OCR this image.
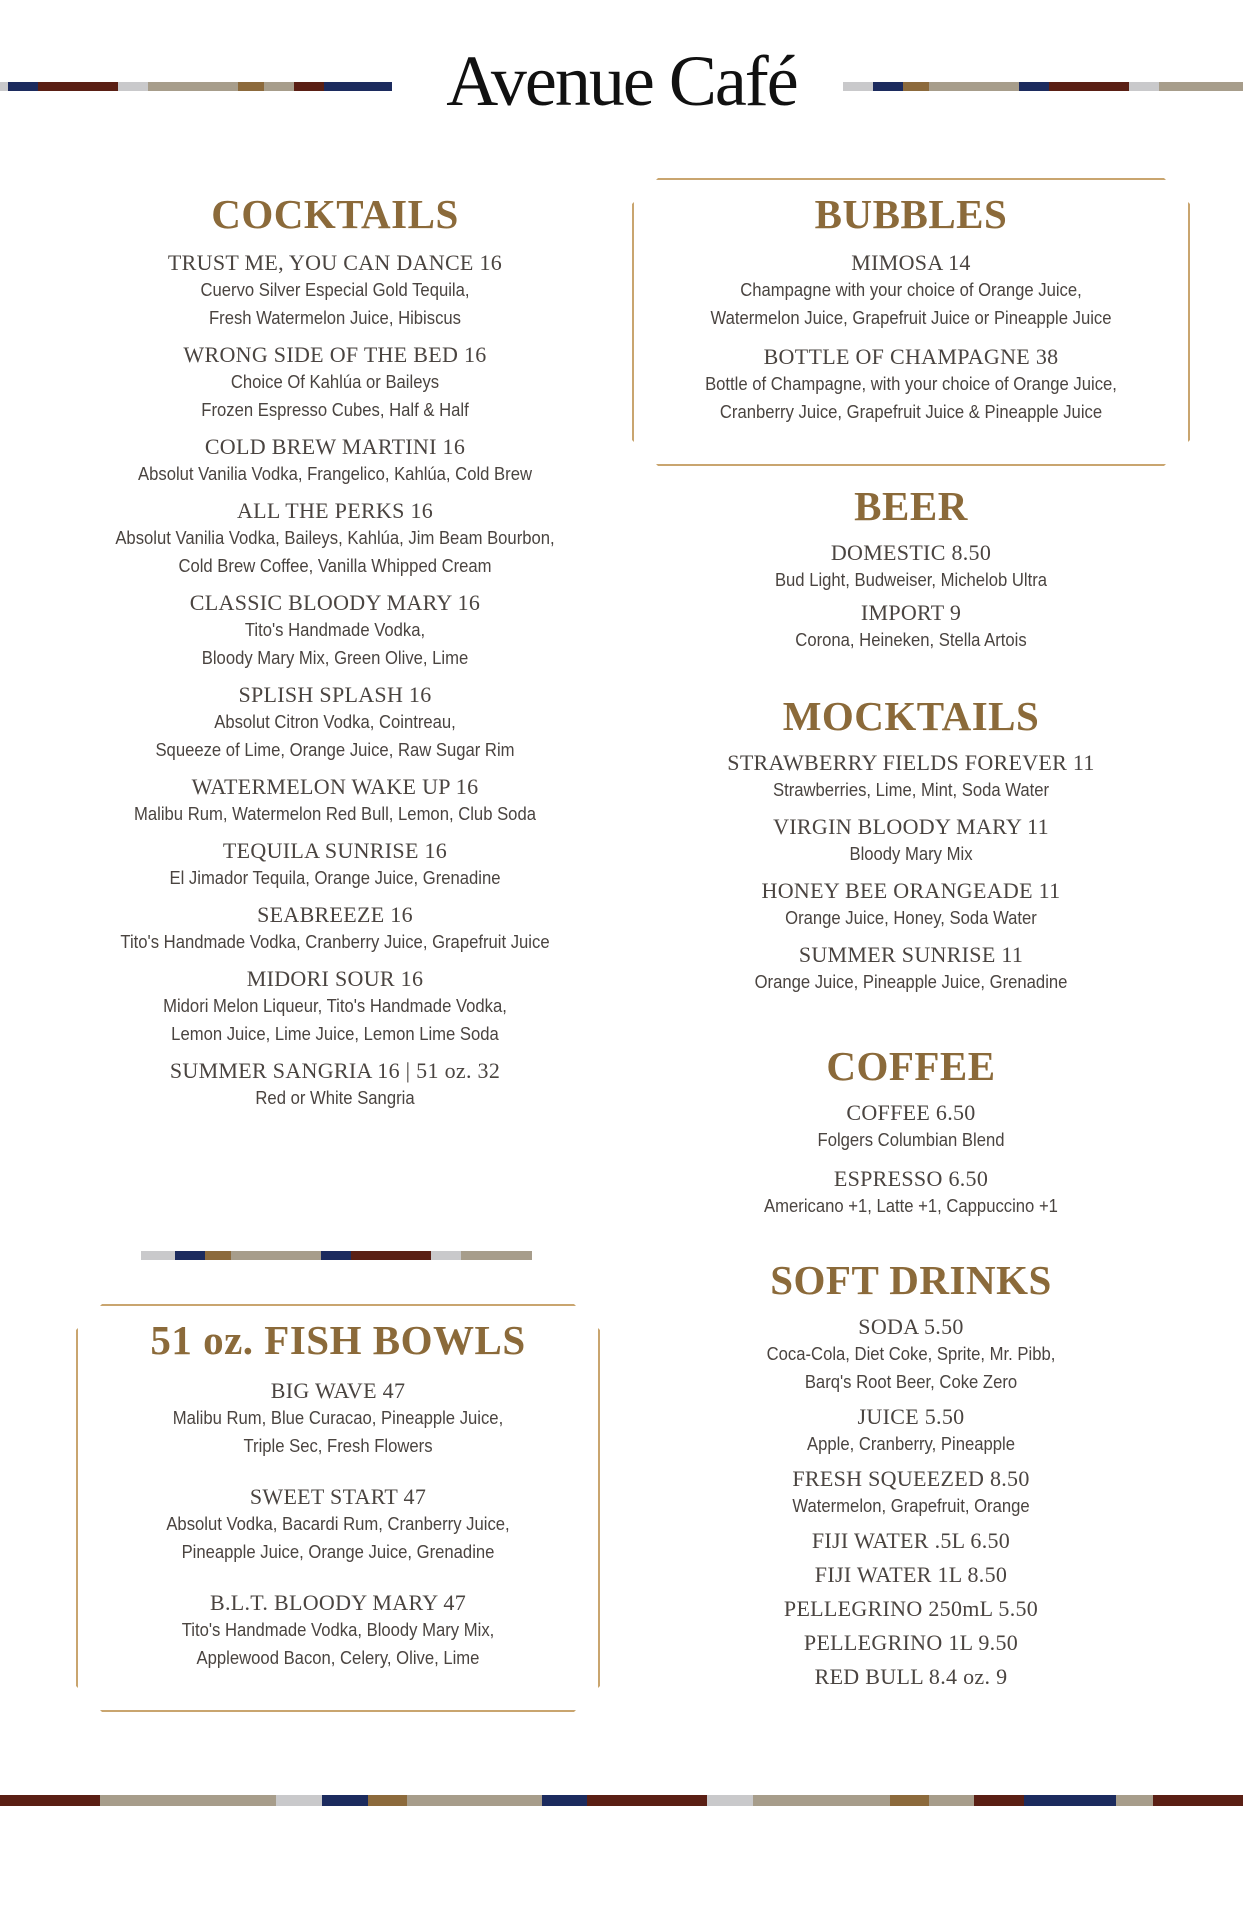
Avenue Café
COCKTAILS
TRUST ME, YOU CAN DANCE 16
Cuervo Silver Especial Gold Tequila,
Fresh Watermelon Juice, Hibiscus
WRONG SIDE OF THE BED 16
Choice Of Kahlúa or Baileys
Frozen Espresso Cubes, Half & Half
COLD BREW MARTINI 16
Absolut Vanilia Vodka, Frangelico, Kahlúa, Cold Brew
ALL THE PERKS 16
Absolut Vanilia Vodka, Baileys, Kahlúa, Jim Beam Bourbon,
Cold Brew Coffee, Vanilla Whipped Cream
CLASSIC BLOODY MARY 16
Tito's Handmade Vodka,
Bloody Mary Mix, Green Olive, Lime
SPLISH SPLASH 16
Absolut Citron Vodka, Cointreau,
Squeeze of Lime, Orange Juice, Raw Sugar Rim
WATERMELON WAKE UP 16
Malibu Rum, Watermelon Red Bull, Lemon, Club Soda
TEQUILA SUNRISE 16
El Jimador Tequila, Orange Juice, Grenadine
SEABREEZE 16
Tito's Handmade Vodka, Cranberry Juice, Grapefruit Juice
MIDORI SOUR 16
Midori Melon Liqueur, Tito's Handmade Vodka,
Lemon Juice, Lime Juice, Lemon Lime Soda
SUMMER SANGRIA 16 | 51 oz. 32
Red or White Sangria
51 oz. FISH BOWLS
BIG WAVE 47
Malibu Rum, Blue Curacao, Pineapple Juice,
Triple Sec, Fresh Flowers
SWEET START 47
Absolut Vodka, Bacardi Rum, Cranberry Juice,
Pineapple Juice, Orange Juice, Grenadine
B.L.T. BLOODY MARY 47
Tito's Handmade Vodka, Bloody Mary Mix,
Applewood Bacon, Celery, Olive, Lime
BUBBLES
MIMOSA 14
Champagne with your choice of Orange Juice,
Watermelon Juice, Grapefruit Juice or Pineapple Juice
BOTTLE OF CHAMPAGNE 38
Bottle of Champagne, with your choice of Orange Juice,
Cranberry Juice, Grapefruit Juice & Pineapple Juice
BEER
DOMESTIC 8.50
Bud Light, Budweiser, Michelob Ultra
IMPORT 9
Corona, Heineken, Stella Artois
MOCKTAILS
STRAWBERRY FIELDS FOREVER 11
Strawberries, Lime, Mint, Soda Water
VIRGIN BLOODY MARY 11
Bloody Mary Mix
HONEY BEE ORANGEADE 11
Orange Juice, Honey, Soda Water
SUMMER SUNRISE 11
Orange Juice, Pineapple Juice, Grenadine
COFFEE
COFFEE 6.50
Folgers Columbian Blend
ESPRESSO 6.50
Americano +1, Latte +1, Cappuccino +1
SOFT DRINKS
SODA 5.50
Coca-Cola, Diet Coke, Sprite, Mr. Pibb,
Barq's Root Beer, Coke Zero
JUICE 5.50
Apple, Cranberry, Pineapple
FRESH SQUEEZED 8.50
Watermelon, Grapefruit, Orange
FIJI WATER .5L 6.50
FIJI WATER 1L 8.50
PELLEGRINO 250mL 5.50
PELLEGRINO 1L 9.50
RED BULL 8.4 oz. 9
